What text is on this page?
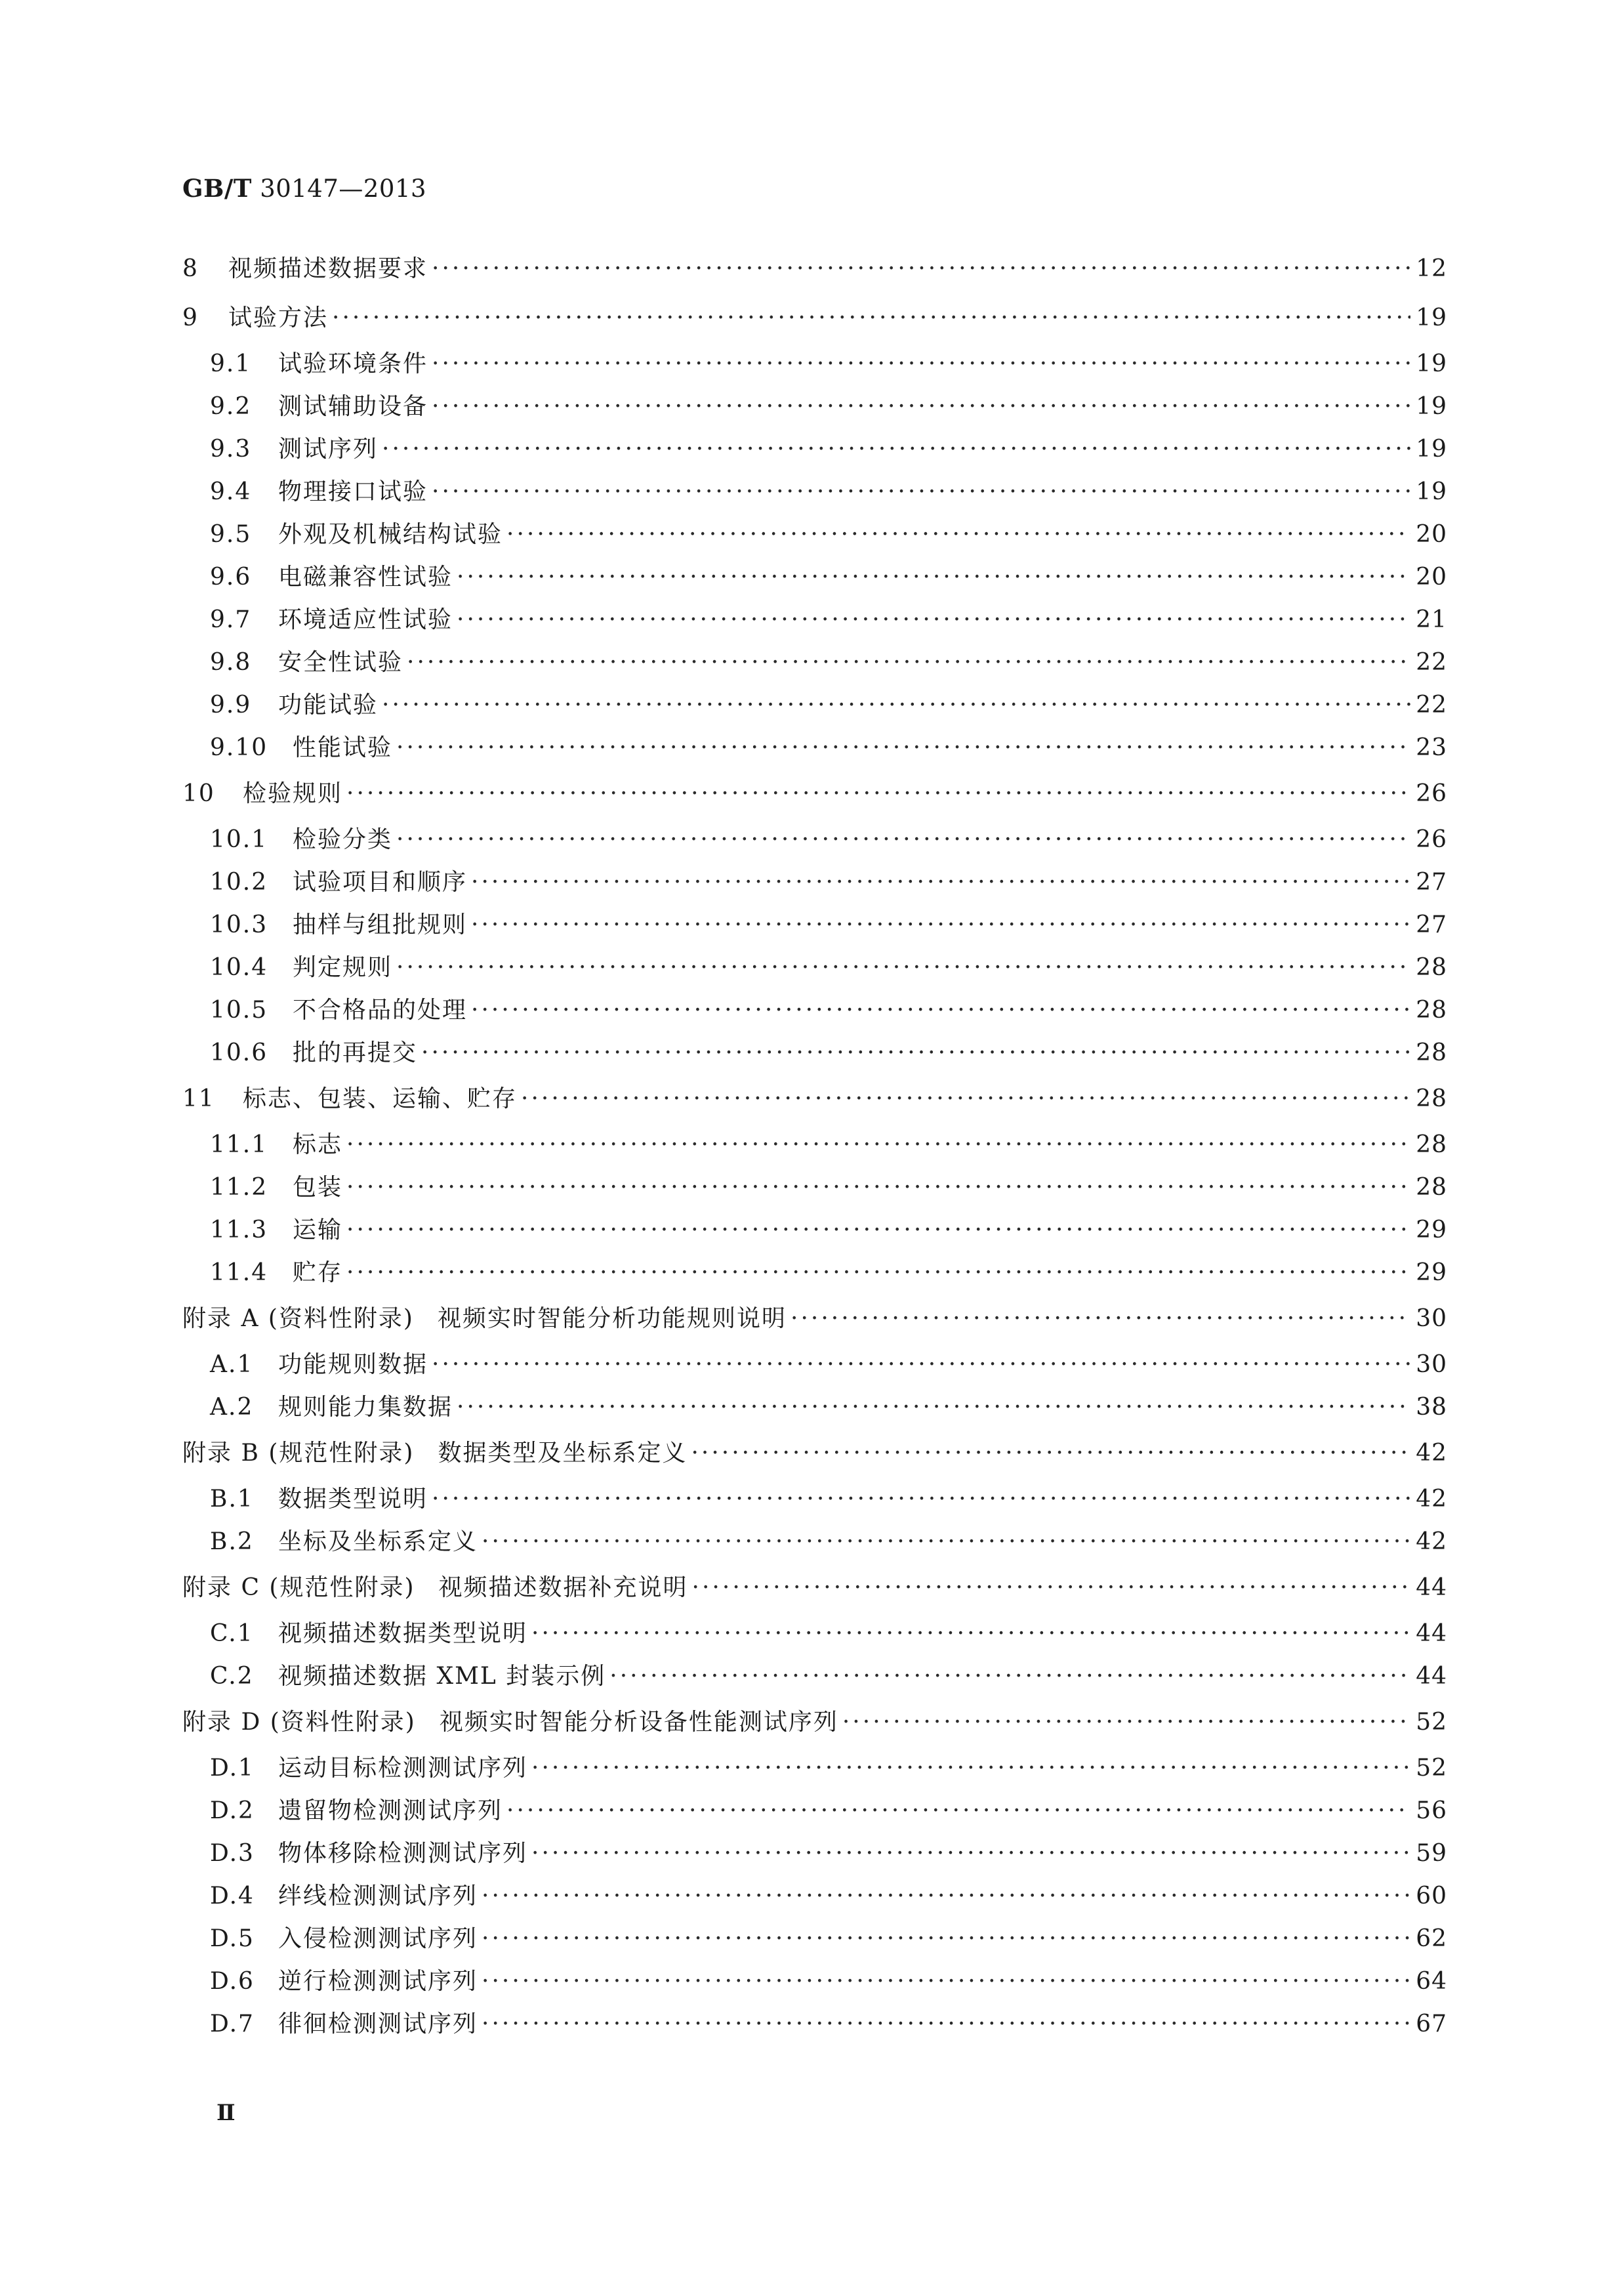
GB/T 30147—2013
8	视频描述数据要求 ·····	12
9	试验方法 ·····	19
9.1	试验环境条件 ·····	19
9.2	测试辅助设备 ·····	19
9.3	测试序列 ·····	19
9.4	物理接口试验 ·····	19
9.5	外观及机械结构试验 ·····	20
9.6	电磁兼容性试验 ·····	20
9.7	环境适应性试验 ·····	21
9.8	安全性试验 ·····	22
9.9	功能试验 ·····	22
9.10	性能试验 ·····	23
10	检验规则 ·····	26
10.1	检验分类 ·····	26
10.2	试验项目和顺序 ·····	27
10.3	抽样与组批规则 ·····	27
10.4	判定规则 ·····	28
10.5	不合格品的处理 ·····	28
10.6	批的再提交 ·····	28
11	标志、包装、运输、贮存 ·····	28
11.1	标志 ·····	28
11.2	包装 ·····	28
11.3	运输 ·····	29
11.4	贮存 ·····	29
附录 A (资料性附录) 视频实时智能分析功能规则说明 ·····	30
A.1	功能规则数据 ·····	30
A.2	规则能力集数据 ·····	38
附录 B (规范性附录) 数据类型及坐标系定义 ·····	42
B.1	数据类型说明 ·····	42
B.2	坐标及坐标系定义 ·····	42
附录 C (规范性附录) 视频描述数据补充说明 ·····	44
C.1	视频描述数据类型说明 ·····	44
C.2	视频描述数据 XML 封装示例 ·····	44
附录 D (资料性附录) 视频实时智能分析设备性能测试序列 ·····	52
D.1	运动目标检测测试序列 ·····	52
D.2	遗留物检测测试序列 ·····	56
D.3	物体移除检测测试序列 ·····	59
D.4	绊线检测测试序列 ·····	60
D.5	入侵检测测试序列 ·····	62
D.6	逆行检测测试序列 ·····	64
D.7	徘徊检测测试序列 ·····	67
Ⅱ
